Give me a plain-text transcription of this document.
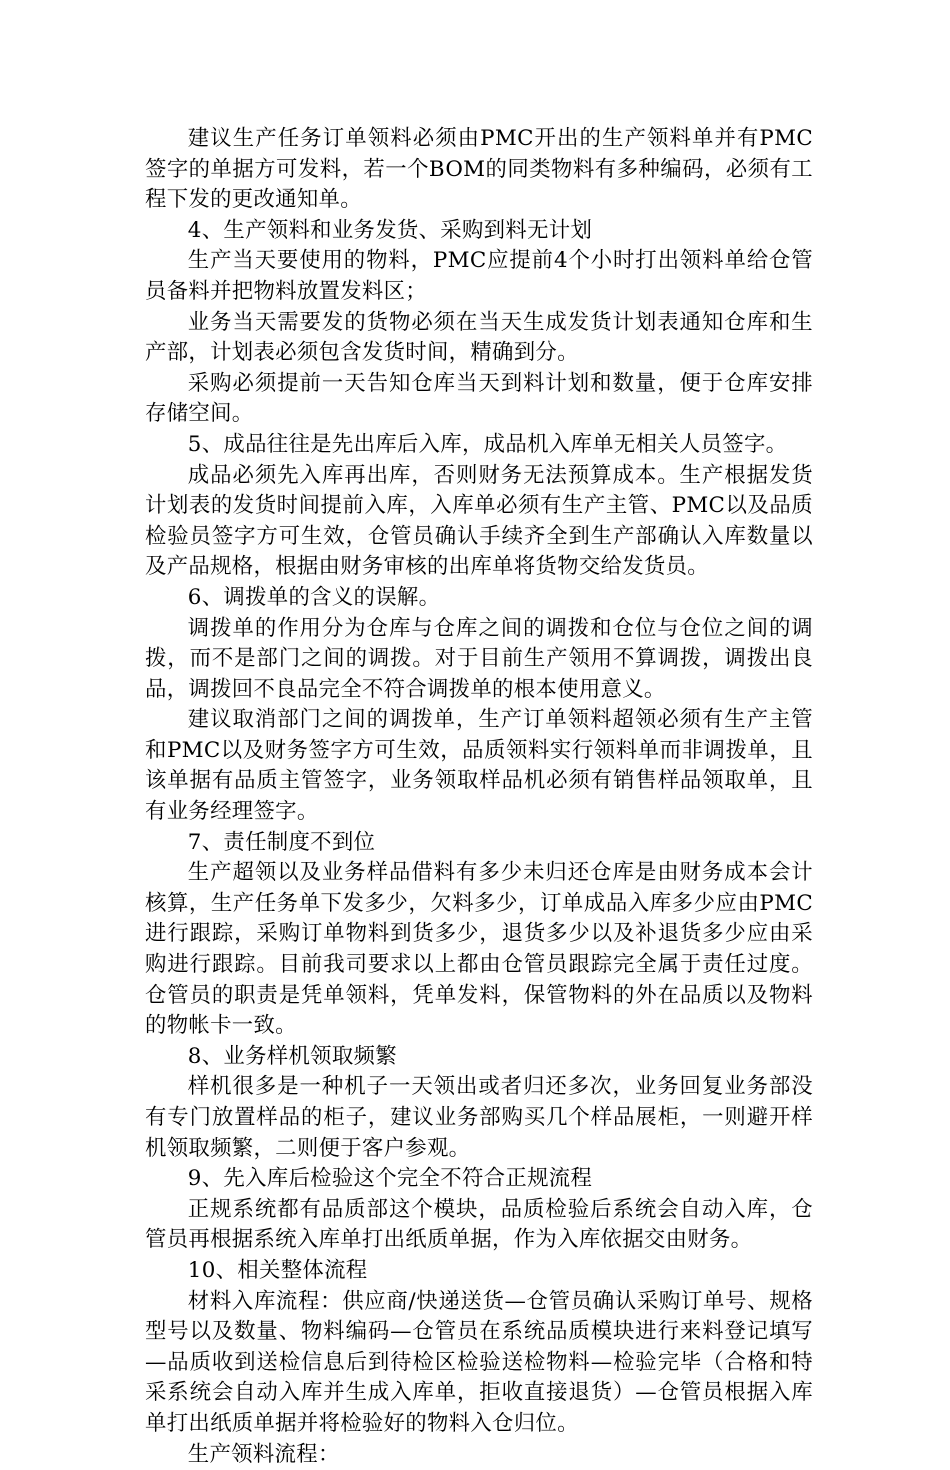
建议生产任务订单领料必须由PMC开出的生产领料单并有PMC签字的单据方可发料，若一个BOM的同类物料有多种编码，必须有工程下发的更改通知单。

4、生产领料和业务发货、采购到料无计划

生产当天要使用的物料，PMC应提前4个小时打出领料单给仓管员备料并把物料放置发料区；

业务当天需要发的货物必须在当天生成发货计划表通知仓库和生产部，计划表必须包含发货时间，精确到分。

采购必须提前一天告知仓库当天到料计划和数量，便于仓库安排存储空间。

5、成品往往是先出库后入库，成品机入库单无相关人员签字。

成品必须先入库再出库，否则财务无法预算成本。生产根据发货计划表的发货时间提前入库，入库单必须有生产主管、PMC以及品质检验员签字方可生效，仓管员确认手续齐全到生产部确认入库数量以及产品规格，根据由财务审核的出库单将货物交给发货员。

6、调拨单的含义的误解。

调拨单的作用分为仓库与仓库之间的调拨和仓位与仓位之间的调拨，而不是部门之间的调拨。对于目前生产领用不算调拨，调拨出良品，调拨回不良品完全不符合调拨单的根本使用意义。

建议取消部门之间的调拨单，生产订单领料超领必须有生产主管和PMC以及财务签字方可生效，品质领料实行领料单而非调拨单，且该单据有品质主管签字，业务领取样品机必须有销售样品领取单，且有业务经理签字。

7、责任制度不到位

生产超领以及业务样品借料有多少未归还仓库是由财务成本会计核算，生产任务单下发多少，欠料多少，订单成品入库多少应由PMC进行跟踪，采购订单物料到货多少，退货多少以及补退货多少应由采购进行跟踪。目前我司要求以上都由仓管员跟踪完全属于责任过度。仓管员的职责是凭单领料，凭单发料，保管物料的外在品质以及物料的物帐卡一致。

8、业务样机领取频繁

样机很多是一种机子一天领出或者归还多次，业务回复业务部没有专门放置样品的柜子，建议业务部购买几个样品展柜，一则避开样机领取频繁，二则便于客户参观。

9、先入库后检验这个完全不符合正规流程

正规系统都有品质部这个模块，品质检验后系统会自动入库，仓管员再根据系统入库单打出纸质单据，作为入库依据交由财务。

10、相关整体流程

材料入库流程：供应商/快递送货—仓管员确认采购订单号、规格型号以及数量、物料编码—仓管员在系统品质模块进行来料登记填写—品质收到送检信息后到待检区检验送检物料—检验完毕（合格和特采系统会自动入库并生成入库单，拒收直接退货）—仓管员根据入库单打出纸质单据并将检验好的物料入仓归位。

生产领料流程：
